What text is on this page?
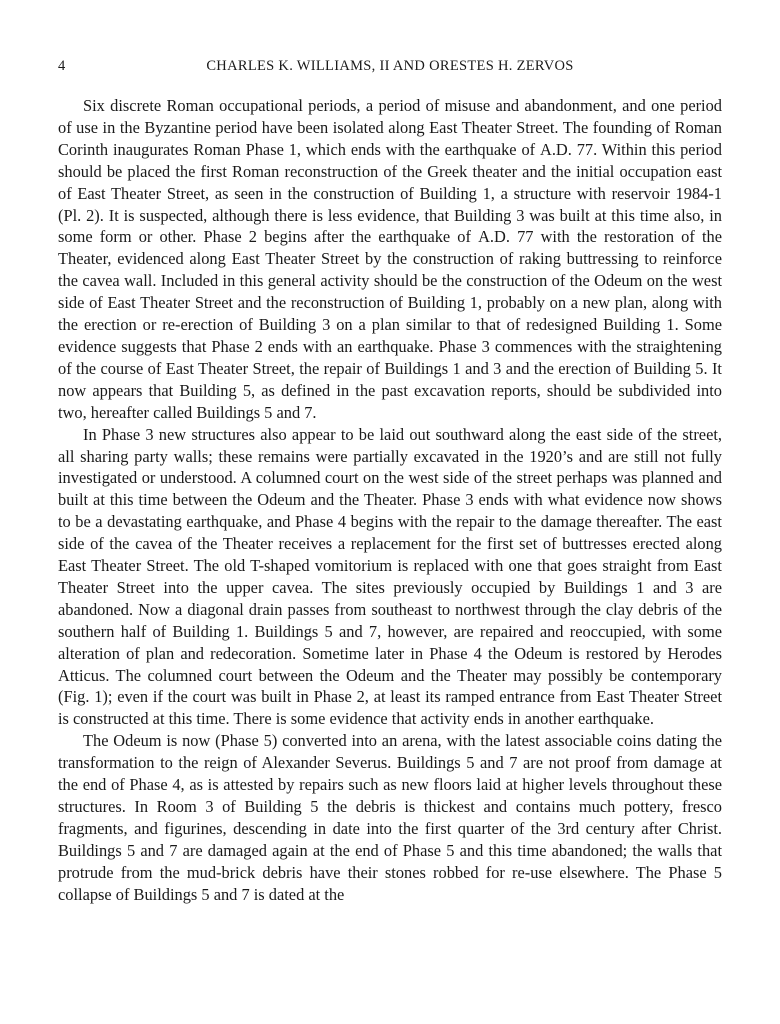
4	CHARLES K. WILLIAMS, II AND ORESTES H. ZERVOS

Six discrete Roman occupational periods, a period of misuse and abandonment, and one period of use in the Byzantine period have been isolated along East Theater Street. The founding of Roman Corinth inaugurates Roman Phase 1, which ends with the earthquake of A.D. 77. Within this period should be placed the first Roman reconstruction of the Greek theater and the initial occupation east of East Theater Street, as seen in the construction of Building 1, a structure with reservoir 1984-1 (Pl. 2). It is suspected, although there is less evidence, that Building 3 was built at this time also, in some form or other. Phase 2 begins after the earthquake of A.D. 77 with the restoration of the Theater, evidenced along East Theater Street by the construction of raking buttressing to reinforce the cavea wall. Included in this general activity should be the construction of the Odeum on the west side of East Theater Street and the reconstruction of Building 1, probably on a new plan, along with the erection or re-erection of Building 3 on a plan similar to that of redesigned Building 1. Some evidence suggests that Phase 2 ends with an earthquake. Phase 3 commences with the straightening of the course of East Theater Street, the repair of Buildings 1 and 3 and the erection of Building 5. It now appears that Building 5, as defined in the past excavation reports, should be subdivided into two, hereafter called Buildings 5 and 7.

In Phase 3 new structures also appear to be laid out southward along the east side of the street, all sharing party walls; these remains were partially excavated in the 1920’s and are still not fully investigated or understood. A columned court on the west side of the street perhaps was planned and built at this time between the Odeum and the Theater. Phase 3 ends with what evidence now shows to be a devastating earthquake, and Phase 4 begins with the repair to the damage thereafter. The east side of the cavea of the Theater receives a replacement for the first set of buttresses erected along East Theater Street. The old T-shaped vomitorium is replaced with one that goes straight from East Theater Street into the upper cavea. The sites previously occupied by Buildings 1 and 3 are abandoned. Now a diagonal drain passes from southeast to northwest through the clay debris of the southern half of Building 1. Buildings 5 and 7, however, are repaired and reoccupied, with some alteration of plan and redecoration. Sometime later in Phase 4 the Odeum is restored by Herodes Atticus. The columned court between the Odeum and the Theater may possibly be contemporary (Fig. 1); even if the court was built in Phase 2, at least its ramped entrance from East Theater Street is constructed at this time. There is some evidence that activity ends in another earthquake.

The Odeum is now (Phase 5) converted into an arena, with the latest associable coins dating the transformation to the reign of Alexander Severus. Buildings 5 and 7 are not proof from damage at the end of Phase 4, as is attested by repairs such as new floors laid at higher levels throughout these structures. In Room 3 of Building 5 the debris is thickest and contains much pottery, fresco fragments, and figurines, descending in date into the first quarter of the 3rd century after Christ. Buildings 5 and 7 are damaged again at the end of Phase 5 and this time abandoned; the walls that protrude from the mud-brick debris have their stones robbed for re-use elsewhere. The Phase 5 collapse of Buildings 5 and 7 is dated at the
